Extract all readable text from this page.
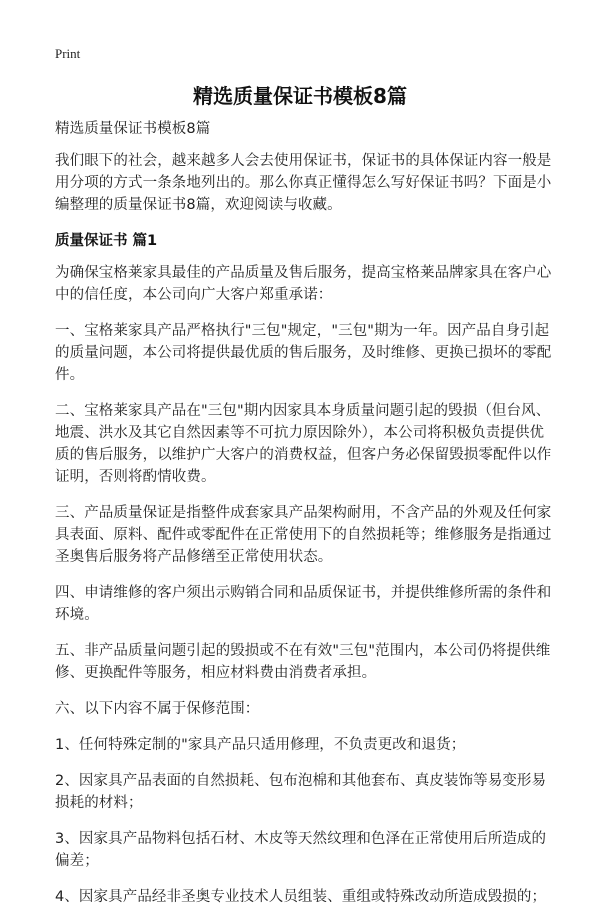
Print
精选质量保证书模板8篇

精选质量保证书模板8篇

我们眼下的社会，越来越多人会去使用保证书，保证书的具体保证内容一般是用分项的方式一条条地列出的。那么你真正懂得怎么写好保证书吗？下面是小编整理的质量保证书8篇，欢迎阅读与收藏。

质量保证书 篇1

为确保宝格莱家具最佳的产品质量及售后服务，提高宝格莱品牌家具在客户心中的信任度，本公司向广大客户郑重承诺：

一、宝格莱家具产品严格执行"三包"规定，"三包"期为一年。因产品自身引起的质量问题，本公司将提供最优质的售后服务，及时维修、更换已损坏的零配件。

二、宝格莱家具产品在"三包"期内因家具本身质量问题引起的毁损（但台风、地震、洪水及其它自然因素等不可抗力原因除外），本公司将积极负责提供优质的售后服务，以维护广大客户的消费权益，但客户务必保留毁损零配件以作证明，否则将酌情收费。

三、产品质量保证是指整件成套家具产品架构耐用，不含产品的外观及任何家具表面、原料、配件或零配件在正常使用下的自然损耗等；维修服务是指通过圣奥售后服务将产品修缮至正常使用状态。

四、申请维修的客户须出示购销合同和品质保证书，并提供维修所需的条件和环境。

五、非产品质量问题引起的毁损或不在有效"三包"范围内，本公司仍将提供维修、更换配件等服务，相应材料费由消费者承担。

六、以下内容不属于保修范围：

1、任何特殊定制的"家具产品只适用修理，不负责更改和退货；

2、因家具产品表面的自然损耗、包布泡棉和其他套布、真皮装饰等易变形易损耗的材料；

3、因家具产品物料包括石材、木皮等天然纹理和色泽在正常使用后所造成的偏差；

4、因家具产品经非圣奥专业技术人员组装、重组或特殊改动所造成毁损的；
